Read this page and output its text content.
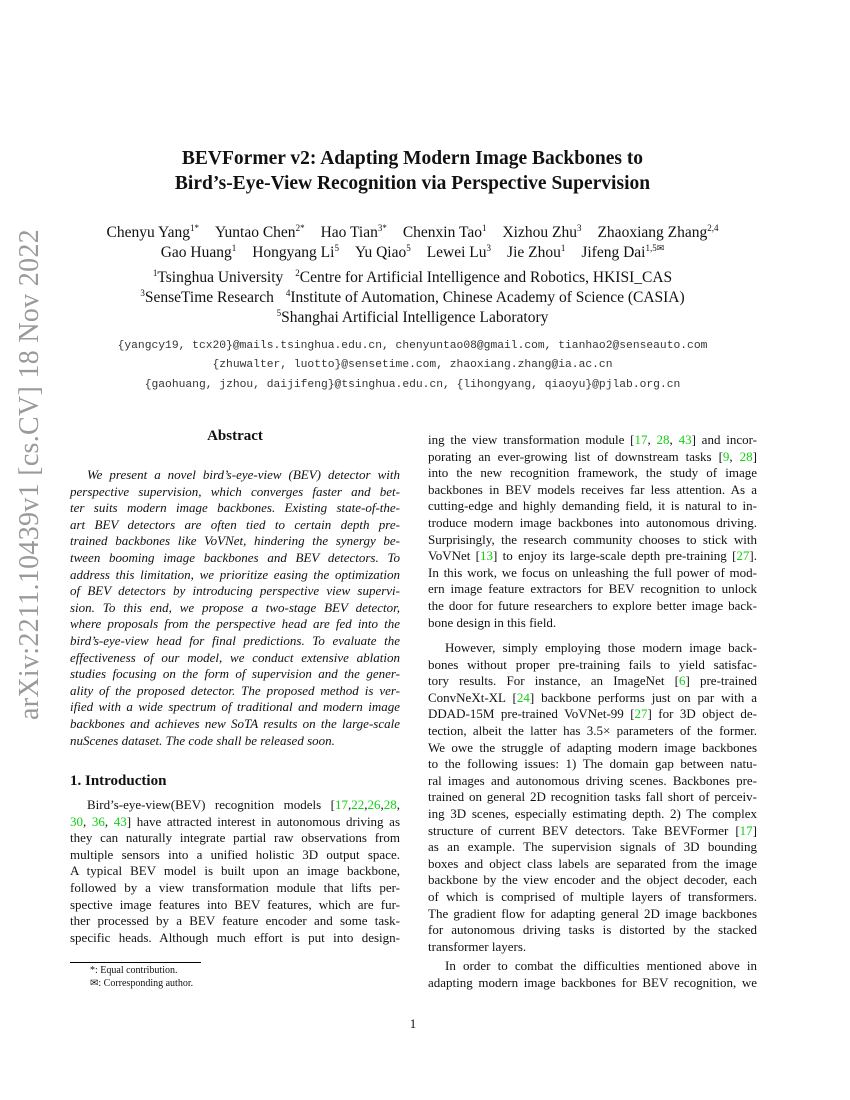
arXiv:2211.10439v1 [cs.CV] 18 Nov 2022
BEVFormer v2: Adapting Modern Image Backbones to
Bird’s-Eye-View Recognition via Perspective Supervision
Chenyu Yang$^{1*}$ Yuntao Chen$^{2*}$ Hao Tian$^{3*}$ Chenxin Tao$^1$ Xizhou Zhu$^3$ Zhaoxiang Zhang$^{2,4}$
Gao Huang$^1$ Hongyang Li$^5$ Yu Qiao$^5$ Lewei Lu$^3$ Jie Zhou$^1$ Jifeng Dai$^{1,5✉}$
$^1$Tsinghua University $^2$Centre for Artificial Intelligence and Robotics, HKISI_CAS
$^3$SenseTime Research $^4$Institute of Automation, Chinese Academy of Science (CASIA)
$^5$Shanghai Artificial Intelligence Laboratory
{yangcy19, tcx20}@mails.tsinghua.edu.cn, chenyuntao08@gmail.com, tianhao2@senseauto.com
{zhuwalter, luotto}@sensetime.com, zhaoxiang.zhang@ia.ac.cn
{gaohuang, jzhou, daijifeng}@tsinghua.edu.cn, {lihongyang, qiaoyu}@pjlab.org.cn
Abstract
We present a novel bird’s-eye-view (BEV) detector with
perspective supervision, which converges faster and bet-
ter suits modern image backbones. Existing state-of-the-
art BEV detectors are often tied to certain depth pre-
trained backbones like VoVNet, hindering the synergy be-
tween booming image backbones and BEV detectors. To
address this limitation, we prioritize easing the optimization
of BEV detectors by introducing perspective view supervi-
sion. To this end, we propose a two-stage BEV detector,
where proposals from the perspective head are fed into the
bird’s-eye-view head for final predictions. To evaluate the
effectiveness of our model, we conduct extensive ablation
studies focusing on the form of supervision and the gener-
ality of the proposed detector. The proposed method is ver-
ified with a wide spectrum of traditional and modern image
backbones and achieves new SoTA results on the large-scale
nuScenes dataset. The code shall be released soon.
1. Introduction
Bird’s-eye-view(BEV) recognition models [17,22,26,28,
30, 36, 43] have attracted interest in autonomous driving as
they can naturally integrate partial raw observations from
multiple sensors into a unified holistic 3D output space.
A typical BEV model is built upon an image backbone,
followed by a view transformation module that lifts per-
spective image features into BEV features, which are fur-
ther processed by a BEV feature encoder and some task-
specific heads. Although much effort is put into design-
*: Equal contribution.
✉: Corresponding author.
ing the view transformation module [17, 28, 43] and incor-
porating an ever-growing list of downstream tasks [9, 28]
into the new recognition framework, the study of image
backbones in BEV models receives far less attention. As a
cutting-edge and highly demanding field, it is natural to in-
troduce modern image backbones into autonomous driving.
Surprisingly, the research community chooses to stick with
VoVNet [13] to enjoy its large-scale depth pre-training [27].
In this work, we focus on unleashing the full power of mod-
ern image feature extractors for BEV recognition to unlock
the door for future researchers to explore better image back-
bone design in this field.
However, simply employing those modern image back-
bones without proper pre-training fails to yield satisfac-
tory results. For instance, an ImageNet [6] pre-trained
ConvNeXt-XL [24] backbone performs just on par with a
DDAD-15M pre-trained VoVNet-99 [27] for 3D object de-
tection, albeit the latter has 3.5× parameters of the former.
We owe the struggle of adapting modern image backbones
to the following issues: 1) The domain gap between natu-
ral images and autonomous driving scenes. Backbones pre-
trained on general 2D recognition tasks fall short of perceiv-
ing 3D scenes, especially estimating depth. 2) The complex
structure of current BEV detectors. Take BEVFormer [17]
as an example. The supervision signals of 3D bounding
boxes and object class labels are separated from the image
backbone by the view encoder and the object decoder, each
of which is comprised of multiple layers of transformers.
The gradient flow for adapting general 2D image backbones
for autonomous driving tasks is distorted by the stacked
transformer layers.
In order to combat the difficulties mentioned above in
adapting modern image backbones for BEV recognition, we
1
